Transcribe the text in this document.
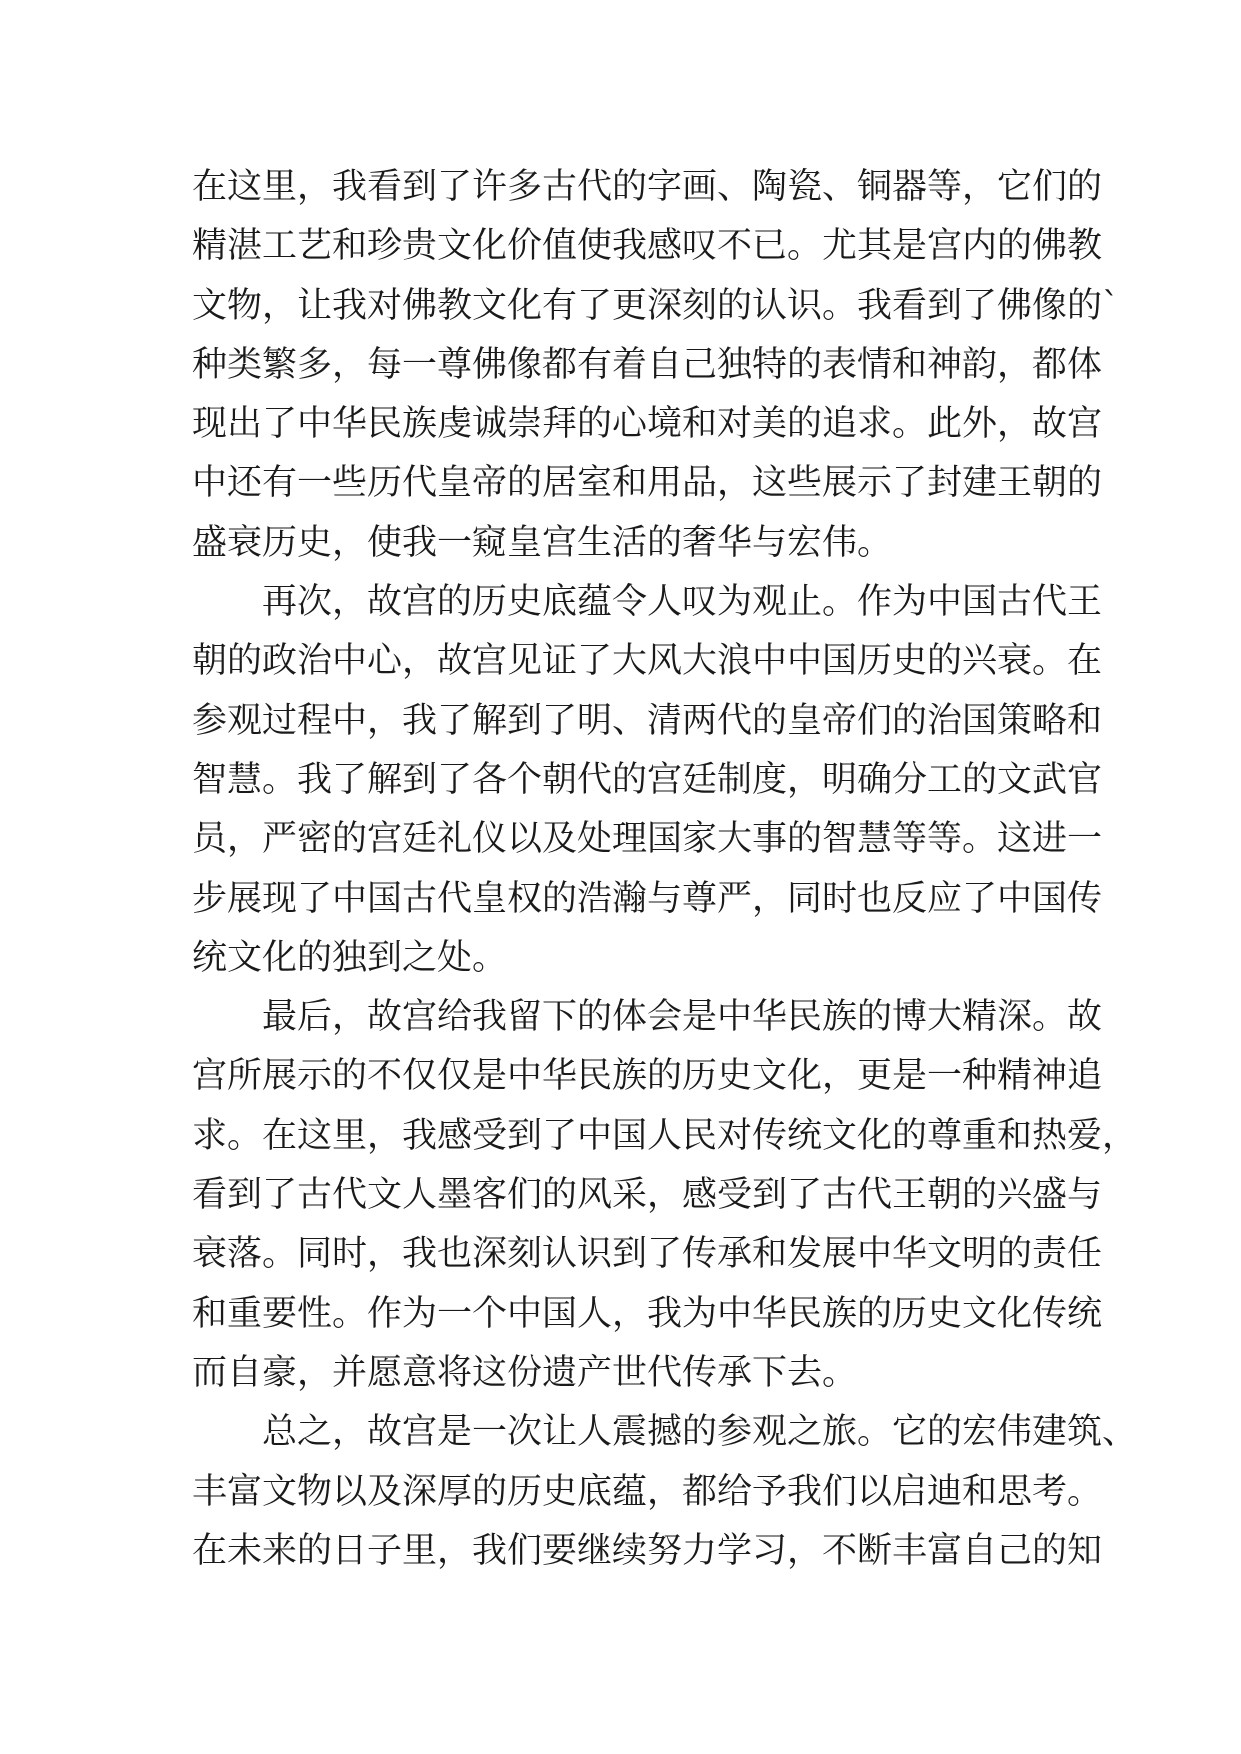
在这里，我看到了许多古代的字画、陶瓷、铜器等，它们的
精湛工艺和珍贵文化价值使我感叹不已。尤其是宫内的佛教
文物，让我对佛教文化有了更深刻的认识。我看到了佛像的`
种类繁多，每一尊佛像都有着自己独特的表情和神韵，都体
现出了中华民族虔诚崇拜的心境和对美的追求。此外，故宫
中还有一些历代皇帝的居室和用品，这些展示了封建王朝的
盛衰历史，使我一窥皇宫生活的奢华与宏伟。
再次，故宫的历史底蕴令人叹为观止。作为中国古代王
朝的政治中心，故宫见证了大风大浪中中国历史的兴衰。在
参观过程中，我了解到了明、清两代的皇帝们的治国策略和
智慧。我了解到了各个朝代的宫廷制度，明确分工的文武官
员，严密的宫廷礼仪以及处理国家大事的智慧等等。这进一
步展现了中国古代皇权的浩瀚与尊严，同时也反应了中国传
统文化的独到之处。
最后，故宫给我留下的体会是中华民族的博大精深。故
宫所展示的不仅仅是中华民族的历史文化，更是一种精神追
求。在这里，我感受到了中国人民对传统文化的尊重和热爱，
看到了古代文人墨客们的风采，感受到了古代王朝的兴盛与
衰落。同时，我也深刻认识到了传承和发展中华文明的责任
和重要性。作为一个中国人，我为中华民族的历史文化传统
而自豪，并愿意将这份遗产世代传承下去。
总之，故宫是一次让人震撼的参观之旅。它的宏伟建筑、
丰富文物以及深厚的历史底蕴，都给予我们以启迪和思考。
在未来的日子里，我们要继续努力学习，不断丰富自己的知
